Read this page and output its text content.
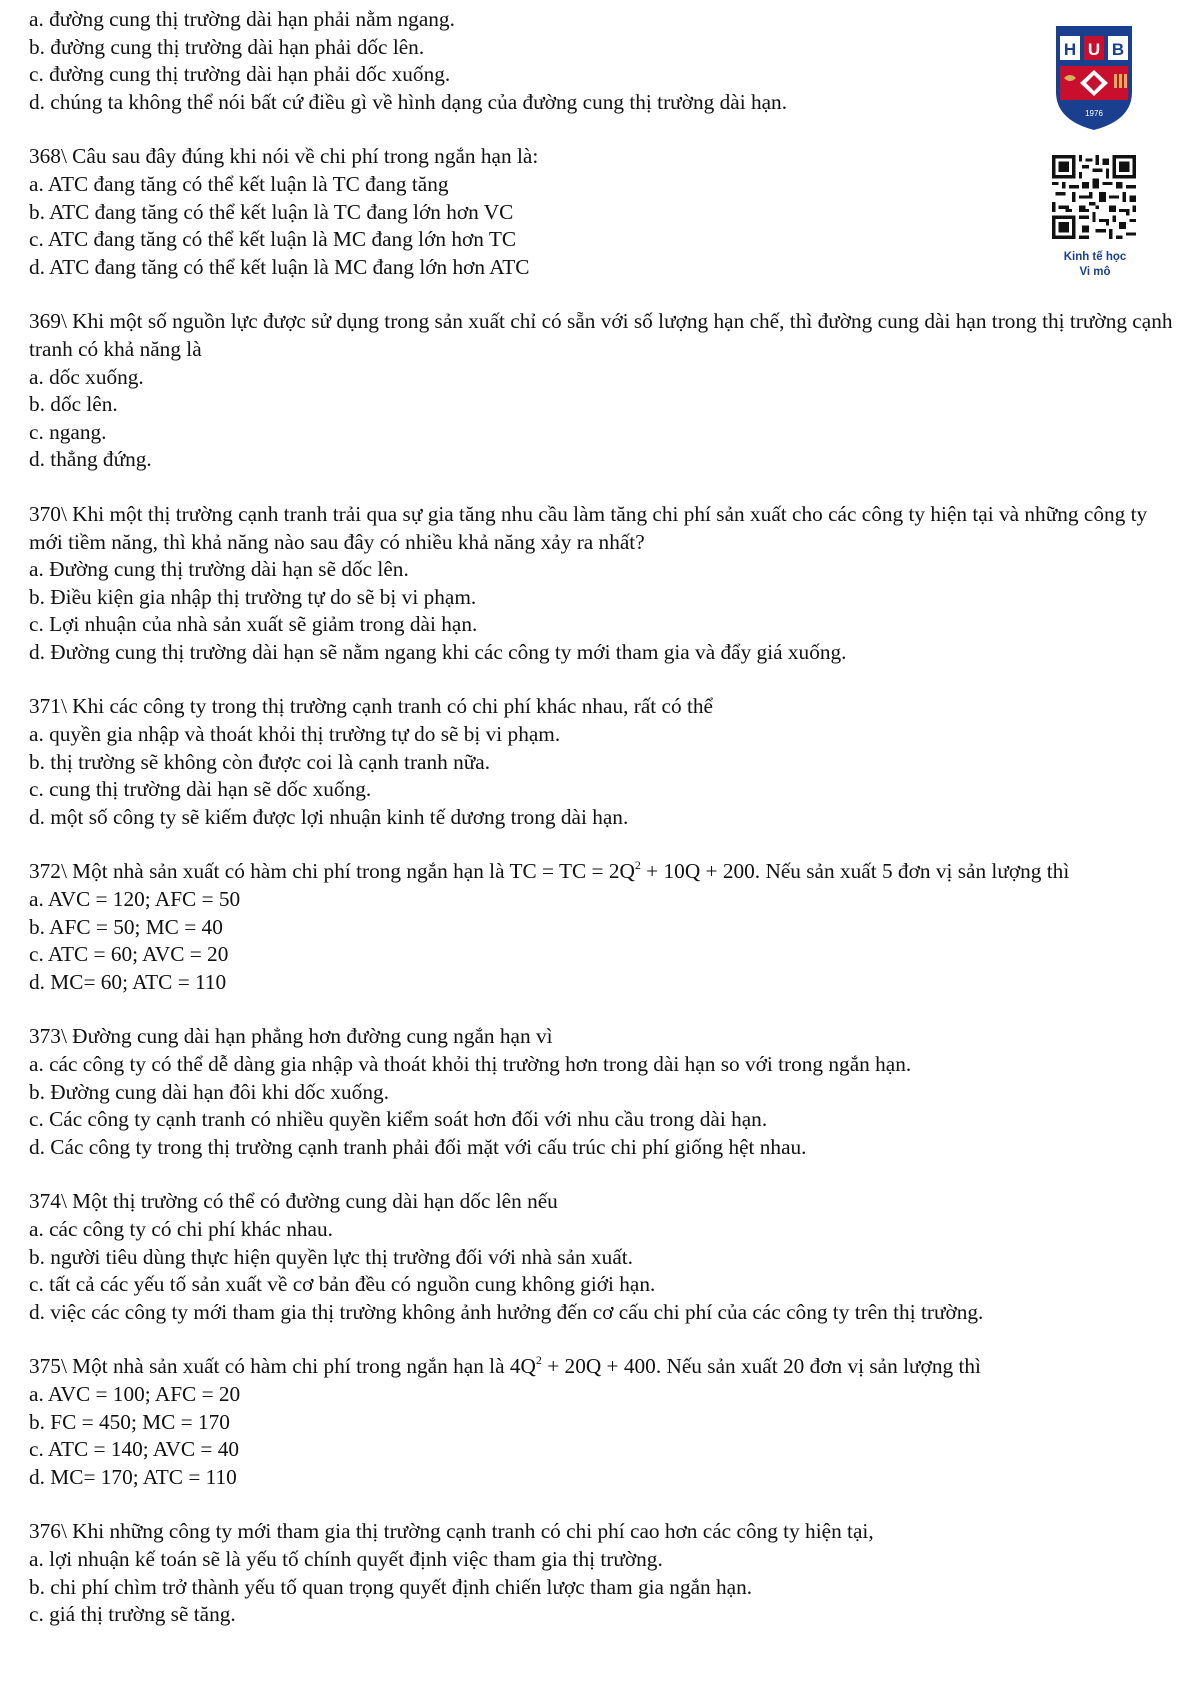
H U B
1976
Kinh tế học
Vi mô
a. đường cung thị trường dài hạn phải nằm ngang.
b. đường cung thị trường dài hạn phải dốc lên.
c. đường cung thị trường dài hạn phải dốc xuống.
d. chúng ta không thể nói bất cứ điều gì về hình dạng của đường cung thị trường dài hạn.
368\ Câu sau đây đúng khi nói về chi phí trong ngắn hạn là:
a. ATC đang tăng có thể kết luận là TC đang tăng
b. ATC đang tăng có thể kết luận là TC đang lớn hơn VC
c. ATC đang tăng có thể kết luận là MC đang lớn hơn TC
d. ATC đang tăng có thể kết luận là MC đang lớn hơn ATC
369\ Khi một số nguồn lực được sử dụng trong sản xuất chỉ có sẵn với số lượng hạn chế, thì đường cung dài hạn trong thị trường cạnh tranh có khả năng là
a. dốc xuống.
b. dốc lên.
c. ngang.
d. thẳng đứng.
370\ Khi một thị trường cạnh tranh trải qua sự gia tăng nhu cầu làm tăng chi phí sản xuất cho các công ty hiện tại và những công ty mới tiềm năng, thì khả năng nào sau đây có nhiều khả năng xảy ra nhất?
a. Đường cung thị trường dài hạn sẽ dốc lên.
b. Điều kiện gia nhập thị trường tự do sẽ bị vi phạm.
c. Lợi nhuận của nhà sản xuất sẽ giảm trong dài hạn.
d. Đường cung thị trường dài hạn sẽ nằm ngang khi các công ty mới tham gia và đẩy giá xuống.
371\ Khi các công ty trong thị trường cạnh tranh có chi phí khác nhau, rất có thể
a. quyền gia nhập và thoát khỏi thị trường tự do sẽ bị vi phạm.
b. thị trường sẽ không còn được coi là cạnh tranh nữa.
c. cung thị trường dài hạn sẽ dốc xuống.
d. một số công ty sẽ kiếm được lợi nhuận kinh tế dương trong dài hạn.
372\ Một nhà sản xuất có hàm chi phí trong ngắn hạn là TC = TC = $2Q^2 + 10Q + 200$. Nếu sản xuất 5 đơn vị sản lượng thì
a. AVC = 120; AFC = 50
b. AFC = 50; MC = 40
c. ATC = 60; AVC = 20
d. MC= 60; ATC = 110
373\ Đường cung dài hạn phẳng hơn đường cung ngắn hạn vì
a. các công ty có thể dễ dàng gia nhập và thoát khỏi thị trường hơn trong dài hạn so với trong ngắn hạn.
b. Đường cung dài hạn đôi khi dốc xuống.
c. Các công ty cạnh tranh có nhiều quyền kiểm soát hơn đối với nhu cầu trong dài hạn.
d. Các công ty trong thị trường cạnh tranh phải đối mặt với cấu trúc chi phí giống hệt nhau.
374\ Một thị trường có thể có đường cung dài hạn dốc lên nếu
a. các công ty có chi phí khác nhau.
b. người tiêu dùng thực hiện quyền lực thị trường đối với nhà sản xuất.
c. tất cả các yếu tố sản xuất về cơ bản đều có nguồn cung không giới hạn.
d. việc các công ty mới tham gia thị trường không ảnh hưởng đến cơ cấu chi phí của các công ty trên thị trường.
375\ Một nhà sản xuất có hàm chi phí trong ngắn hạn là $4Q^2 + 20Q + 400$. Nếu sản xuất 20 đơn vị sản lượng thì
a. AVC = 100; AFC = 20
b. FC = 450; MC = 170
c. ATC = 140; AVC = 40
d. MC= 170; ATC = 110
376\ Khi những công ty mới tham gia thị trường cạnh tranh có chi phí cao hơn các công ty hiện tại,
a. lợi nhuận kế toán sẽ là yếu tố chính quyết định việc tham gia thị trường.
b. chi phí chìm trở thành yếu tố quan trọng quyết định chiến lược tham gia ngắn hạn.
c. giá thị trường sẽ tăng.
